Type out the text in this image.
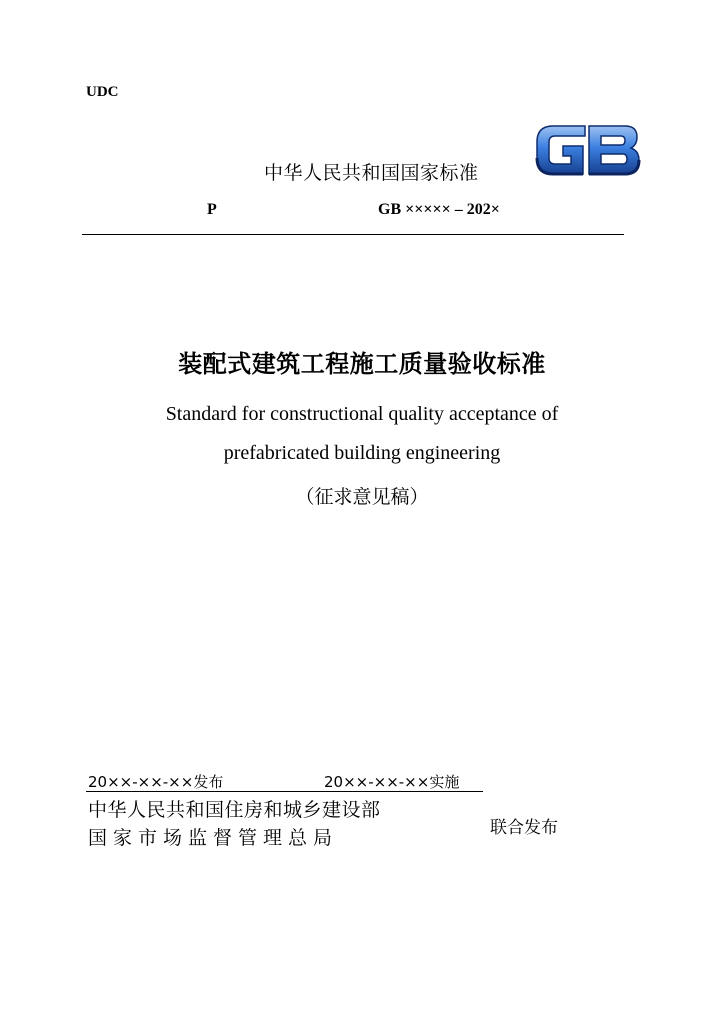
UDC
中华人民共和国国家标准
P	GB ××××× – 202×
装配式建筑工程施工质量验收标准
Standard for constructional quality acceptance of
prefabricated building engineering
（征求意见稿）
20××-××-××发布	20××-××-××实施
中华人民共和国住房和城乡建设部
国家市场监督管理总局	联合发布
